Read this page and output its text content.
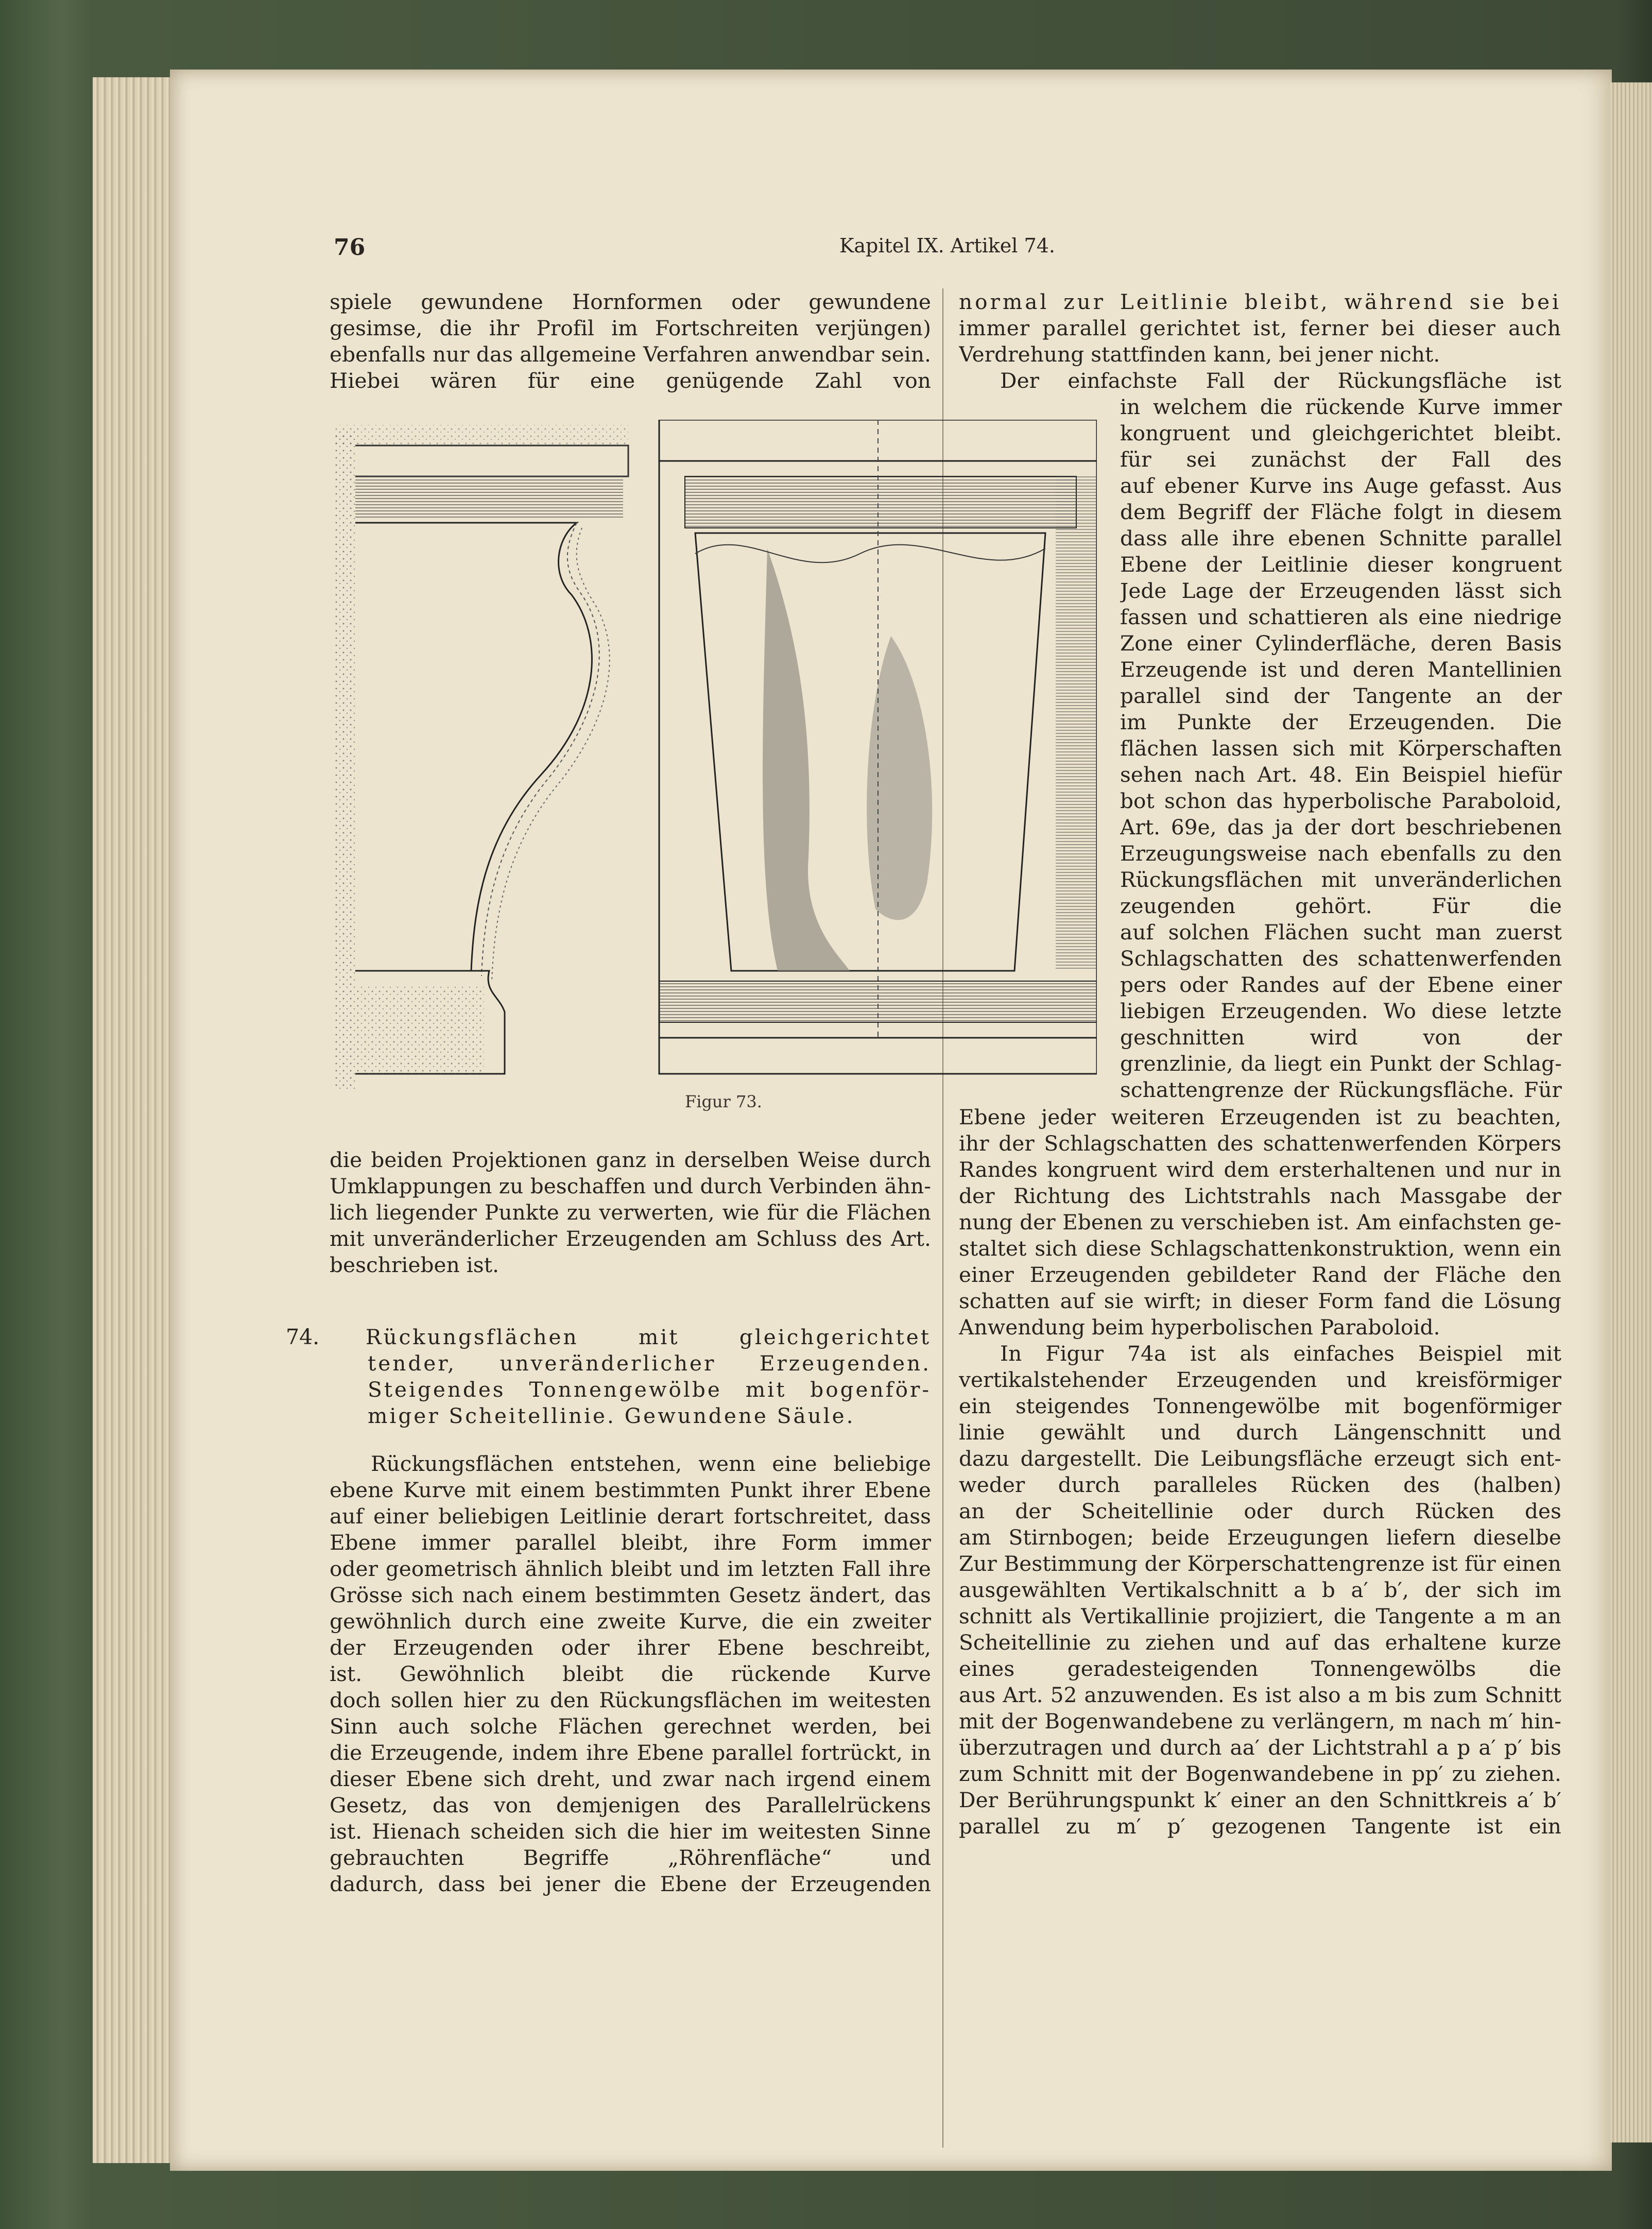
76	Kapitel IX. Artikel 74.
spiele gewundene Hornformen oder gewundene
gesimse, die ihr Profil im Fortschreiten verjüngen)
ebenfalls nur das allgemeine Verfahren anwendbar sein.
Hiebei wären für eine genügende Zahl von
Figur 73.
die beiden Projektionen ganz in derselben Weise durch
Umklappungen zu beschaffen und durch Verbinden ähn-
lich liegender Punkte zu verwerten, wie für die Flächen
mit unveränderlicher Erzeugenden am Schluss des Art.
beschrieben ist.
74.	Rückungsflächen mit gleichgerichtet
tender, unveränderlicher Erzeugenden.
Steigendes Tonnengewölbe mit bogenför-
miger Scheitellinie. Gewundene Säule.
Rückungsflächen entstehen, wenn eine beliebige
ebene Kurve mit einem bestimmten Punkt ihrer Ebene
auf einer beliebigen Leitlinie derart fortschreitet, dass
Ebene immer parallel bleibt, ihre Form immer
oder geometrisch ähnlich bleibt und im letzten Fall ihre
Grösse sich nach einem bestimmten Gesetz ändert, das
gewöhnlich durch eine zweite Kurve, die ein zweiter
der Erzeugenden oder ihrer Ebene beschreibt,
ist. Gewöhnlich bleibt die rückende Kurve
doch sollen hier zu den Rückungsflächen im weitesten
Sinn auch solche Flächen gerechnet werden, bei
die Erzeugende, indem ihre Ebene parallel fortrückt, in
dieser Ebene sich dreht, und zwar nach irgend einem
Gesetz, das von demjenigen des Parallelrückens
ist. Hienach scheiden sich die hier im weitesten Sinne
gebrauchten Begriffe „Röhrenfläche“ und
dadurch, dass bei jener die Ebene der Erzeugenden
normal zur Leitlinie bleibt, während sie bei
immer parallel gerichtet ist, ferner bei dieser auch
Verdrehung stattfinden kann, bei jener nicht.
Der einfachste Fall der Rückungsfläche ist
in welchem die rückende Kurve immer
kongruent und gleichgerichtet bleibt.
für sei zunächst der Fall des
auf ebener Kurve ins Auge gefasst. Aus
dem Begriff der Fläche folgt in diesem
dass alle ihre ebenen Schnitte parallel
Ebene der Leitlinie dieser kongruent
Jede Lage der Erzeugenden lässt sich
fassen und schattieren als eine niedrige
Zone einer Cylinderfläche, deren Basis
Erzeugende ist und deren Mantellinien
parallel sind der Tangente an der
im Punkte der Erzeugenden. Die
flächen lassen sich mit Körperschaften
sehen nach Art. 48. Ein Beispiel hiefür
bot schon das hyperbolische Paraboloid,
Art. 69e, das ja der dort beschriebenen
Erzeugungsweise nach ebenfalls zu den
Rückungsflächen mit unveränderlichen
zeugenden gehört. Für die
auf solchen Flächen sucht man zuerst
Schlagschatten des schattenwerfenden
pers oder Randes auf der Ebene einer
liebigen Erzeugenden. Wo diese letzte
geschnitten wird von der
grenzlinie, da liegt ein Punkt der Schlag-
schattengrenze der Rückungsfläche. Für
Ebene jeder weiteren Erzeugenden ist zu beachten,
ihr der Schlagschatten des schattenwerfenden Körpers
Randes kongruent wird dem ersterhaltenen und nur in
der Richtung des Lichtstrahls nach Massgabe der
nung der Ebenen zu verschieben ist. Am einfachsten ge-
staltet sich diese Schlagschattenkonstruktion, wenn ein
einer Erzeugenden gebildeter Rand der Fläche den
schatten auf sie wirft; in dieser Form fand die Lösung
Anwendung beim hyperbolischen Paraboloid.
In Figur 74a ist als einfaches Beispiel mit
vertikalstehender Erzeugenden und kreisförmiger
ein steigendes Tonnengewölbe mit bogenförmiger
linie gewählt und durch Längenschnitt und
dazu dargestellt. Die Leibungsfläche erzeugt sich ent-
weder durch paralleles Rücken des (halben)
an der Scheitellinie oder durch Rücken des
am Stirnbogen; beide Erzeugungen liefern dieselbe
Zur Bestimmung der Körperschattengrenze ist für einen
ausgewählten Vertikalschnitt a b a′ b′, der sich im
schnitt als Vertikallinie projiziert, die Tangente a m an
Scheitellinie zu ziehen und auf das erhaltene kurze
eines geradesteigenden Tonnengewölbs die
aus Art. 52 anzuwenden. Es ist also a m bis zum Schnitt
mit der Bogenwandebene zu verlängern, m nach m′ hin-
überzutragen und durch aa′ der Lichtstrahl a p a′ p′ bis
zum Schnitt mit der Bogenwandebene in pp′ zu ziehen.
Der Berührungspunkt k′ einer an den Schnittkreis a′ b′
parallel zu m′ p′ gezogenen Tangente ist ein
